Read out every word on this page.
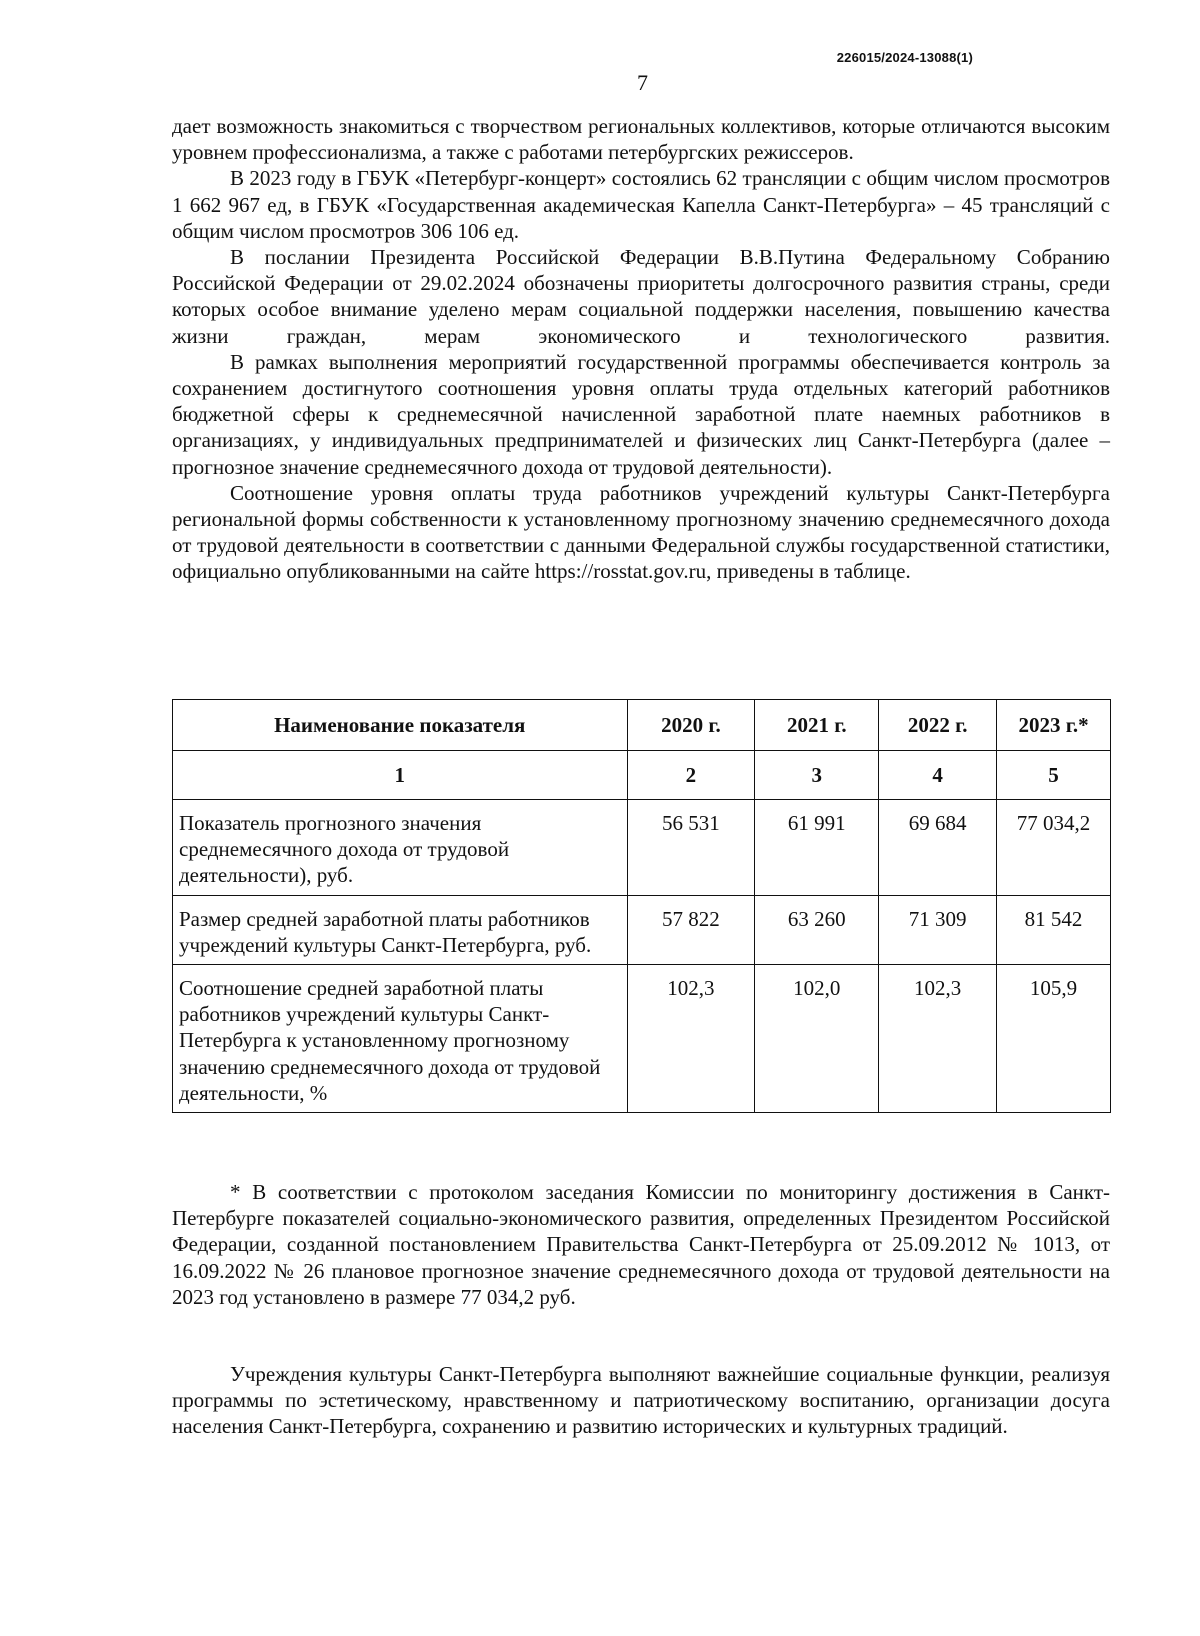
226015/2024-13088(1)
7

дает возможность знакомиться с творчеством региональных коллективов, которые отличаются высоким уровнем профессионализма, а также с работами петербургских режиссеров.

В 2023 году в ГБУК «Петербург-концерт» состоялись 62 трансляции с общим числом просмотров 1 662 967 ед, в ГБУК «Государственная академическая Капелла Санкт-Петербурга» – 45 трансляций с общим числом просмотров 306 106 ед.

В послании Президента Российской Федерации В.В.Путина Федеральному Собранию Российской Федерации от 29.02.2024 обозначены приоритеты долгосрочного развития страны, среди которых особое внимание уделено мерам социальной поддержки населения, повышению качества жизни граждан, мерам экономического и технологического развития.

В рамках выполнения мероприятий государственной программы обеспечивается контроль за сохранением достигнутого соотношения уровня оплаты труда отдельных категорий работников бюджетной сферы к среднемесячной начисленной заработной плате наемных работников в организациях, у индивидуальных предпринимателей и физических лиц Санкт-Петербурга (далее – прогнозное значение среднемесячного дохода от трудовой деятельности).

Соотношение уровня оплаты труда работников учреждений культуры Санкт-Петербурга региональной формы собственности к установленному прогнозному значению среднемесячного дохода от трудовой деятельности в соответствии с данными Федеральной службы государственной статистики, официально опубликованными на сайте https://rosstat.gov.ru, приведены в таблице.

Наименование показателя	2020 г.	2021 г.	2022 г.	2023 г.*
1	2	3	4	5
Показатель прогнозного значения среднемесячного дохода от трудовой деятельности), руб.	56 531	61 991	69 684	77 034,2
Размер средней заработной платы работников учреждений культуры Санкт-Петербурга, руб.	57 822	63 260	71 309	81 542
Соотношение средней заработной платы работников учреждений культуры Санкт-Петербурга к установленному прогнозному значению среднемесячного дохода от трудовой деятельности, %	102,3	102,0	102,3	105,9

* В соответствии с протоколом заседания Комиссии по мониторингу достижения в Санкт-Петербурге показателей социально-экономического развития, определенных Президентом Российской Федерации, созданной постановлением Правительства Санкт-Петербурга от 25.09.2012 № 1013, от 16.09.2022 № 26 плановое прогнозное значение среднемесячного дохода от трудовой деятельности на 2023 год установлено в размере 77 034,2 руб.

Учреждения культуры Санкт-Петербурга выполняют важнейшие социальные функции, реализуя программы по эстетическому, нравственному и патриотическому воспитанию, организации досуга населения Санкт-Петербурга, сохранению и развитию исторических и культурных традиций.
